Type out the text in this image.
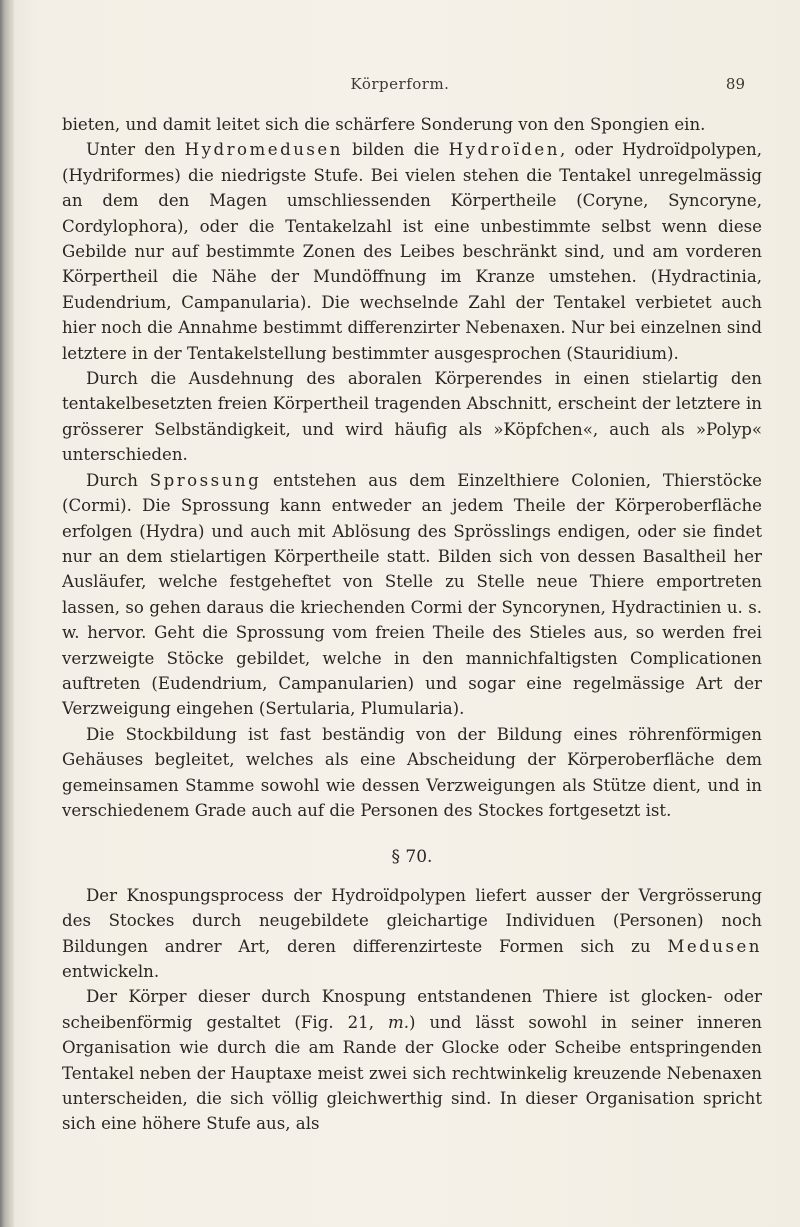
Körperform.	89

bieten, und damit leitet sich die schärfere Sonderung von den Spongien ein.

Unter den Hydromedusen bilden die Hydroïden, oder Hydroïdpolypen, (Hydriformes) die niedrigste Stufe. Bei vielen stehen die Tentakel unregelmässig an dem den Magen umschliessenden Körpertheile (Coryne, Syncoryne, Cordylophora), oder die Tentakelzahl ist eine unbestimmte selbst wenn diese Gebilde nur auf bestimmte Zonen des Leibes beschränkt sind, und am vorderen Körpertheil die Nähe der Mundöffnung im Kranze umstehen. (Hydractinia, Eudendrium, Campanularia). Die wechselnde Zahl der Tentakel verbietet auch hier noch die Annahme bestimmt differenzirter Nebenaxen. Nur bei einzelnen sind letztere in der Tentakelstellung bestimmter ausgesprochen (Stauridium).

Durch die Ausdehnung des aboralen Körperendes in einen stielartig den tentakelbesetzten freien Körpertheil tragenden Abschnitt, erscheint der letztere in grösserer Selbständigkeit, und wird häufig als »Köpfchen«, auch als »Polyp« unterschieden.

Durch Sprossung entstehen aus dem Einzelthiere Colonien, Thierstöcke (Cormi). Die Sprossung kann entweder an jedem Theile der Körperoberfläche erfolgen (Hydra) und auch mit Ablösung des Sprösslings endigen, oder sie findet nur an dem stielartigen Körpertheile statt. Bilden sich von dessen Basaltheil her Ausläufer, welche festgeheftet von Stelle zu Stelle neue Thiere emportreten lassen, so gehen daraus die kriechenden Cormi der Syncorynen, Hydractinien u. s. w. hervor. Geht die Sprossung vom freien Theile des Stieles aus, so werden frei verzweigte Stöcke gebildet, welche in den mannichfaltigsten Complicationen auftreten (Eudendrium, Campanularien) und sogar eine regelmässige Art der Verzweigung eingehen (Sertularia, Plumularia).

Die Stockbildung ist fast beständig von der Bildung eines röhrenförmigen Gehäuses begleitet, welches als eine Abscheidung der Körperoberfläche dem gemeinsamen Stamme sowohl wie dessen Verzweigungen als Stütze dient, und in verschiedenem Grade auch auf die Personen des Stockes fortgesetzt ist.

§ 70.

Der Knospungsprocess der Hydroïdpolypen liefert ausser der Vergrösserung des Stockes durch neugebildete gleichartige Individuen (Personen) noch Bildungen andrer Art, deren differenzirteste Formen sich zu Medusen entwickeln.

Der Körper dieser durch Knospung entstandenen Thiere ist glocken- oder scheibenförmig gestaltet (Fig. 21, m.) und lässt sowohl in seiner inneren Organisation wie durch die am Rande der Glocke oder Scheibe entspringenden Tentakel neben der Hauptaxe meist zwei sich rechtwinkelig kreuzende Nebenaxen unterscheiden, die sich völlig gleichwerthig sind. In dieser Organisation spricht sich eine höhere Stufe aus, als
